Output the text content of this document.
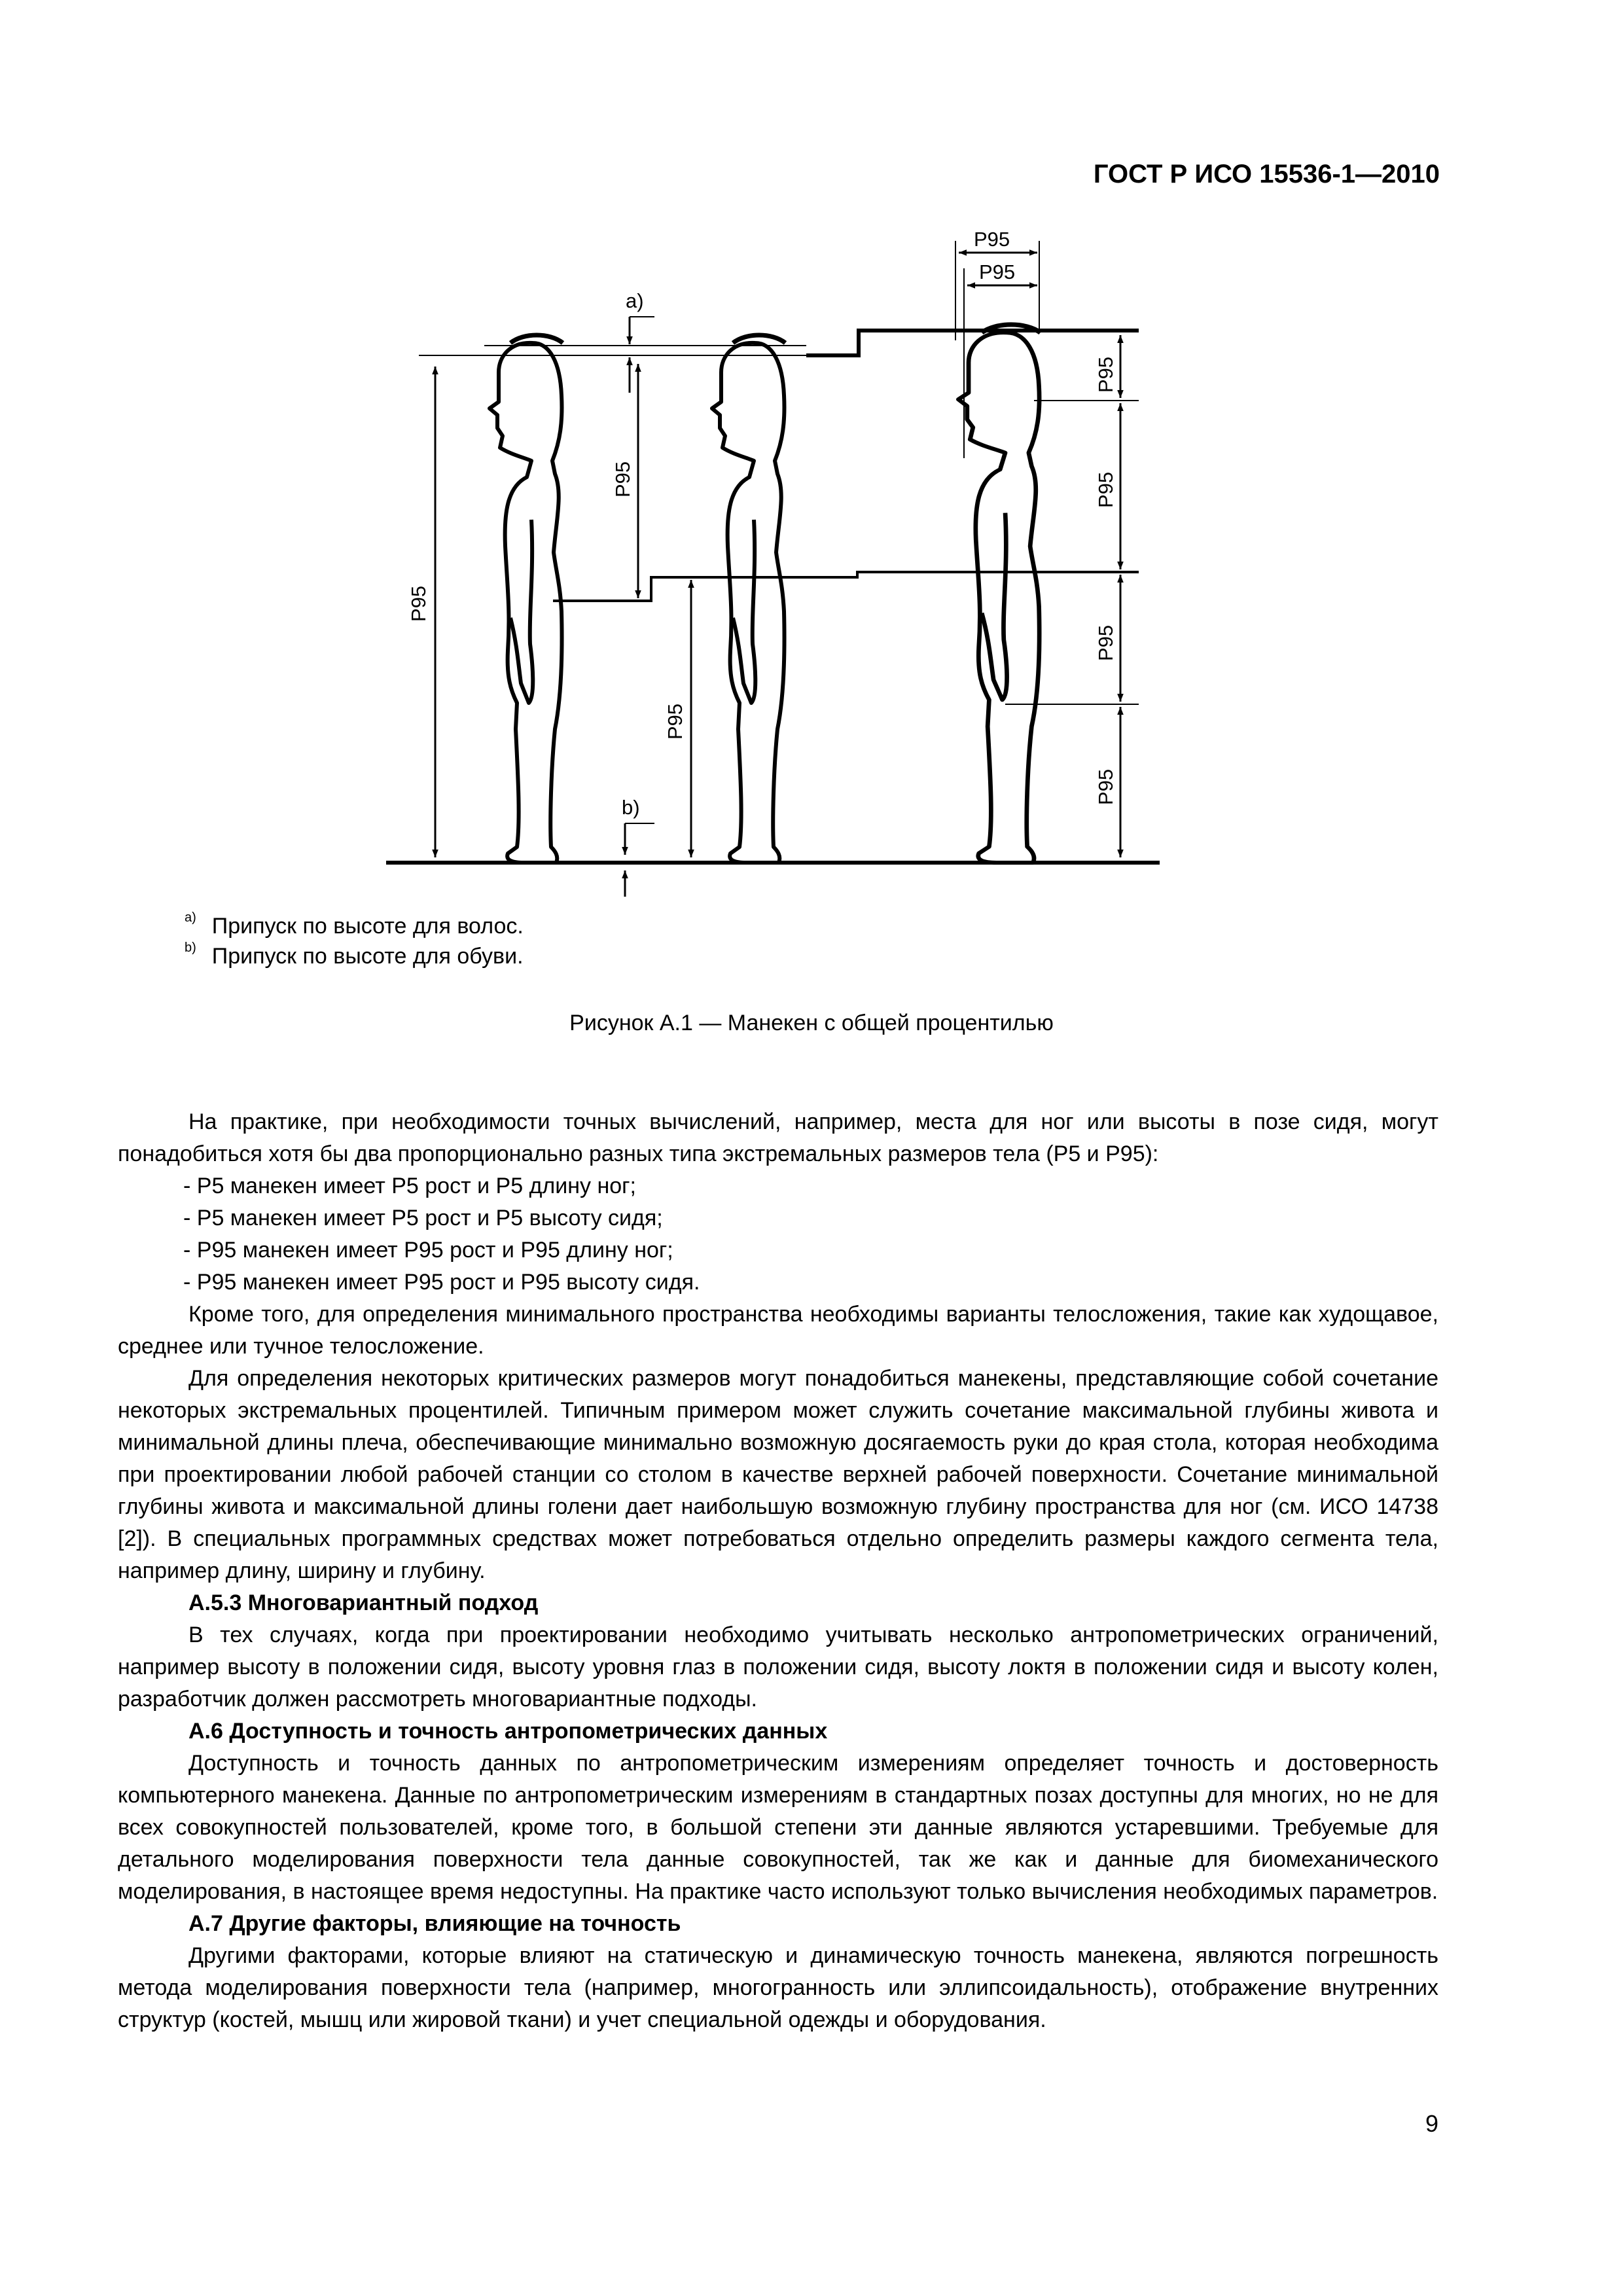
ГОСТ Р ИСО 15536-1—2010
P95
a)
P95
P95
b)
P95
P95
P95
P95
P95
P95
$^{a)}$ Припуск по высоте для волос.
$^{b)}$ Припуск по высоте для обуви.
Рисунок А.1 — Манекен с общей процентилью

На практике, при необходимости точных вычислений, например, места для ног или высоты в позе сидя, могут понадобиться хотя бы два пропорционально разных типа экстремальных размеров тела (Р5 и Р95):

- Р5 манекен имеет Р5 рост и Р5 длину ног;
- Р5 манекен имеет Р5 рост и Р5 высоту сидя;
- Р95 манекен имеет Р95 рост и Р95 длину ног;
- Р95 манекен имеет Р95 рост и Р95 высоту сидя.

Кроме того, для определения минимального пространства необходимы варианты телосложения, такие как худощавое, среднее или тучное телосложение.

Для определения некоторых критических размеров могут понадобиться манекены, представляющие собой сочетание некоторых экстремальных процентилей. Типичным примером может служить сочетание максимальной глубины живота и минимальной длины плеча, обеспечивающие минимально возможную досягаемость руки до края стола, которая необходима при проектировании любой рабочей станции со столом в качестве верхней рабочей поверхности. Сочетание минимальной глубины живота и максимальной длины голени дает наибольшую возможную глубину пространства для ног (см. ИСО 14738 [2]). В специальных программных средствах может потребоваться отдельно определить размеры каждого сегмента тела, например длину, ширину и глубину.

А.5.3 Многовариантный подход

В тех случаях, когда при проектировании необходимо учитывать несколько антропометрических ограничений, например высоту в положении сидя, высоту уровня глаз в положении сидя, высоту локтя в положении сидя и высоту колен, разработчик должен рассмотреть многовариантные подходы.

А.6 Доступность и точность антропометрических данных

Доступность и точность данных по антропометрическим измерениям определяет точность и достоверность компьютерного манекена. Данные по антропометрическим измерениям в стандартных позах доступны для многих, но не для всех совокупностей пользователей, кроме того, в большой степени эти данные являются устаревшими. Требуемые для детального моделирования поверхности тела данные совокупностей, так же как и данные для биомеханического моделирования, в настоящее время недоступны. На практике часто используют только вычисления необходимых параметров.

А.7 Другие факторы, влияющие на точность

Другими факторами, которые влияют на статическую и динамическую точность манекена, являются погрешность метода моделирования поверхности тела (например, многогранность или эллипсоидальность), отображение внутренних структур (костей, мышц или жировой ткани) и учет специальной одежды и оборудования.

9
